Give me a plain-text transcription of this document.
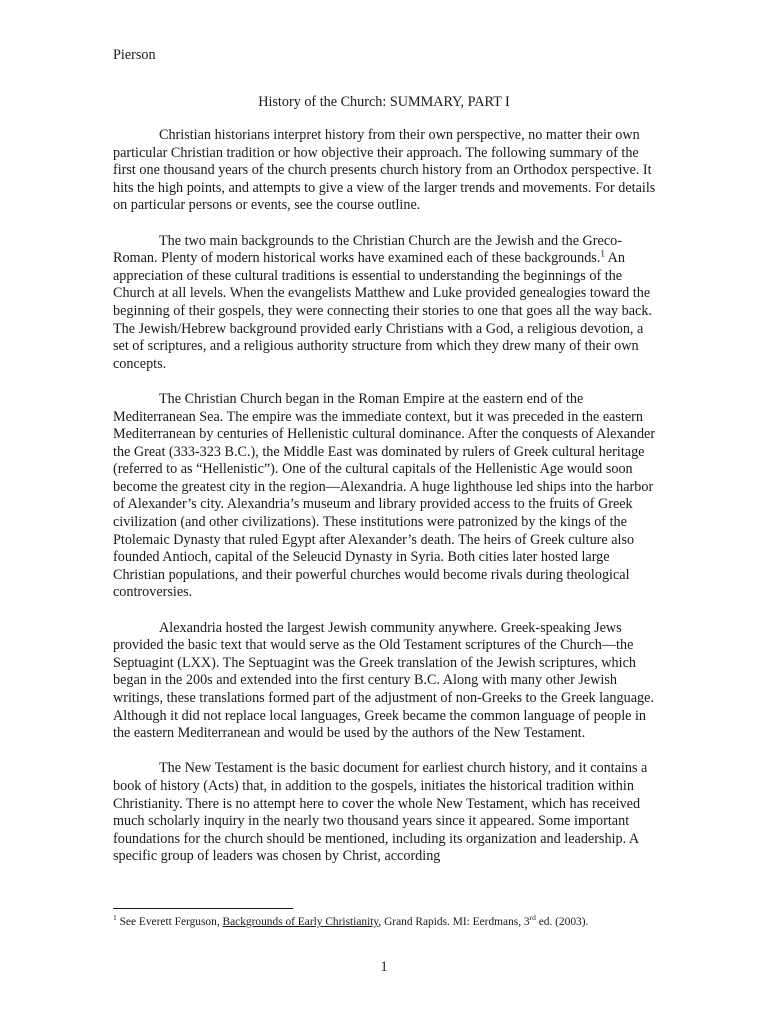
Pierson
History of the Church: SUMMARY, PART I

Christian historians interpret history from their own perspective, no matter their own particular Christian tradition or how objective their approach. The following summary of the first one thousand years of the church presents church history from an Orthodox perspective. It hits the high points, and attempts to give a view of the larger trends and movements. For details on particular persons or events, see the course outline.

The two main backgrounds to the Christian Church are the Jewish and the Greco-Roman. Plenty of modern historical works have examined each of these backgrounds.$^1$ An appreciation of these cultural traditions is essential to understanding the beginnings of the Church at all levels. When the evangelists Matthew and Luke provided genealogies toward the beginning of their gospels, they were connecting their stories to one that goes all the way back. The Jewish/Hebrew background provided early Christians with a God, a religious devotion, a set of scriptures, and a religious authority structure from which they drew many of their own concepts.

The Christian Church began in the Roman Empire at the eastern end of the Mediterranean Sea. The empire was the immediate context, but it was preceded in the eastern Mediterranean by centuries of Hellenistic cultural dominance. After the conquests of Alexander the Great (333-323 B.C.), the Middle East was dominated by rulers of Greek cultural heritage (referred to as “Hellenistic”). One of the cultural capitals of the Hellenistic Age would soon become the greatest city in the region—Alexandria. A huge lighthouse led ships into the harbor of Alexander’s city. Alexandria’s museum and library provided access to the fruits of Greek civilization (and other civilizations). These institutions were patronized by the kings of the Ptolemaic Dynasty that ruled Egypt after Alexander’s death. The heirs of Greek culture also founded Antioch, capital of the Seleucid Dynasty in Syria. Both cities later hosted large Christian populations, and their powerful churches would become rivals during theological controversies.

Alexandria hosted the largest Jewish community anywhere. Greek-speaking Jews provided the basic text that would serve as the Old Testament scriptures of the Church—the Septuagint (LXX). The Septuagint was the Greek translation of the Jewish scriptures, which began in the 200s and extended into the first century B.C. Along with many other Jewish writings, these translations formed part of the adjustment of non-Greeks to the Greek language. Although it did not replace local languages, Greek became the common language of people in the eastern Mediterranean and would be used by the authors of the New Testament.

The New Testament is the basic document for earliest church history, and it contains a book of history (Acts) that, in addition to the gospels, initiates the historical tradition within Christianity. There is no attempt here to cover the whole New Testament, which has received much scholarly inquiry in the nearly two thousand years since it appeared. Some important foundations for the church should be mentioned, including its organization and leadership. A specific group of leaders was chosen by Christ, according

$^1$ See Everett Ferguson, Backgrounds of Early Christianity, Grand Rapids. MI: Eerdmans, 3rd ed. (2003).
1
